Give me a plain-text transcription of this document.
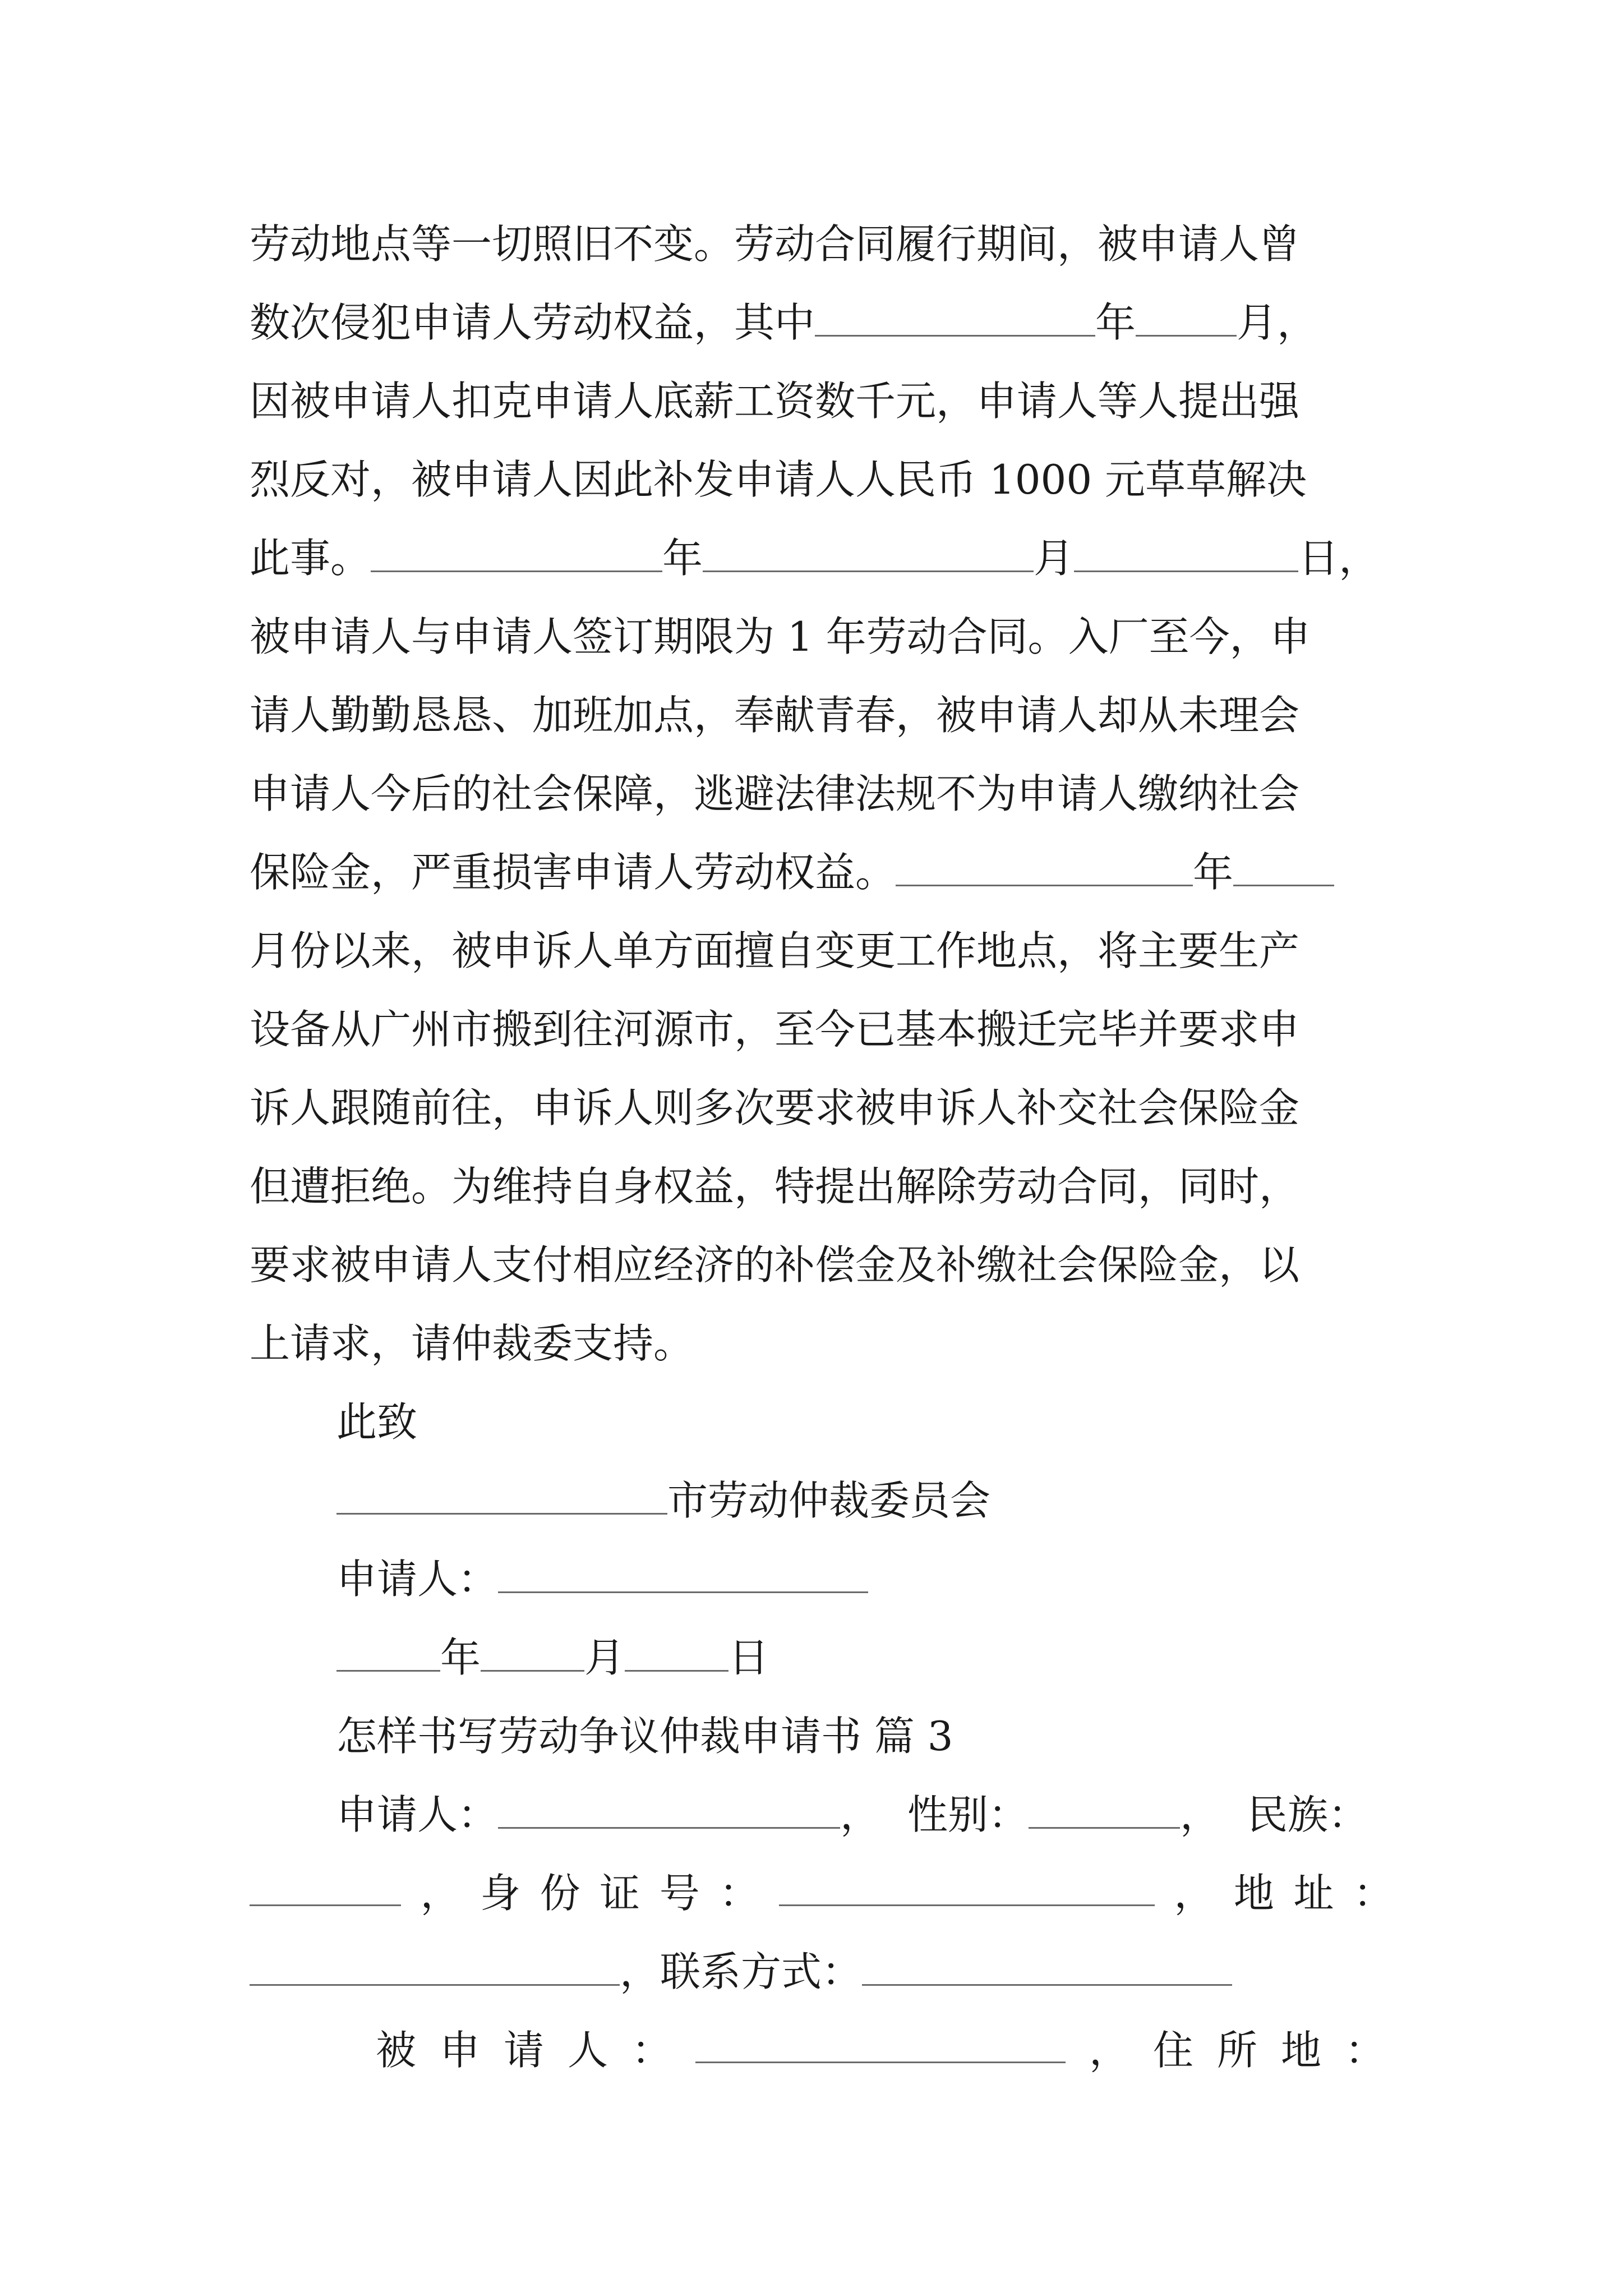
劳动地点等一切照旧不变。劳动合同履行期间，被申请人曾
数次侵犯申请人劳动权益，其中	年	月，
因被申请人扣克申请人底薪工资数千元，申请人等人提出强
烈反对，被申请人因此补发申请人人民币 1000 元草草解决
此事。	年	月	日，
被申请人与申请人签订期限为 1 年劳动合同。入厂至今，申
请人勤勤恳恳、加班加点，奉献青春，被申请人却从未理会
申请人今后的社会保障，逃避法律法规不为申请人缴纳社会
保险金，严重损害申请人劳动权益。	年
月份以来，被申诉人单方面擅自变更工作地点，将主要生产
设备从广州市搬到往河源市，至今已基本搬迁完毕并要求申
诉人跟随前往，申诉人则多次要求被申诉人补交社会保险金
但遭拒绝。为维持自身权益，特提出解除劳动合同，同时，
要求被申请人支付相应经济的补偿金及补缴社会保险金，以
上请求，请仲裁委支持。
此致
市劳动仲裁委员会
申请人：
年	月	日
怎样书写劳动争议仲裁申请书 篇 3
申请人：	， 性别：	， 民族：
， 身 份 证 号 ：	， 地 址 ：
，联系方式：
被 申 请 人 ：	， 住 所 地 ：
